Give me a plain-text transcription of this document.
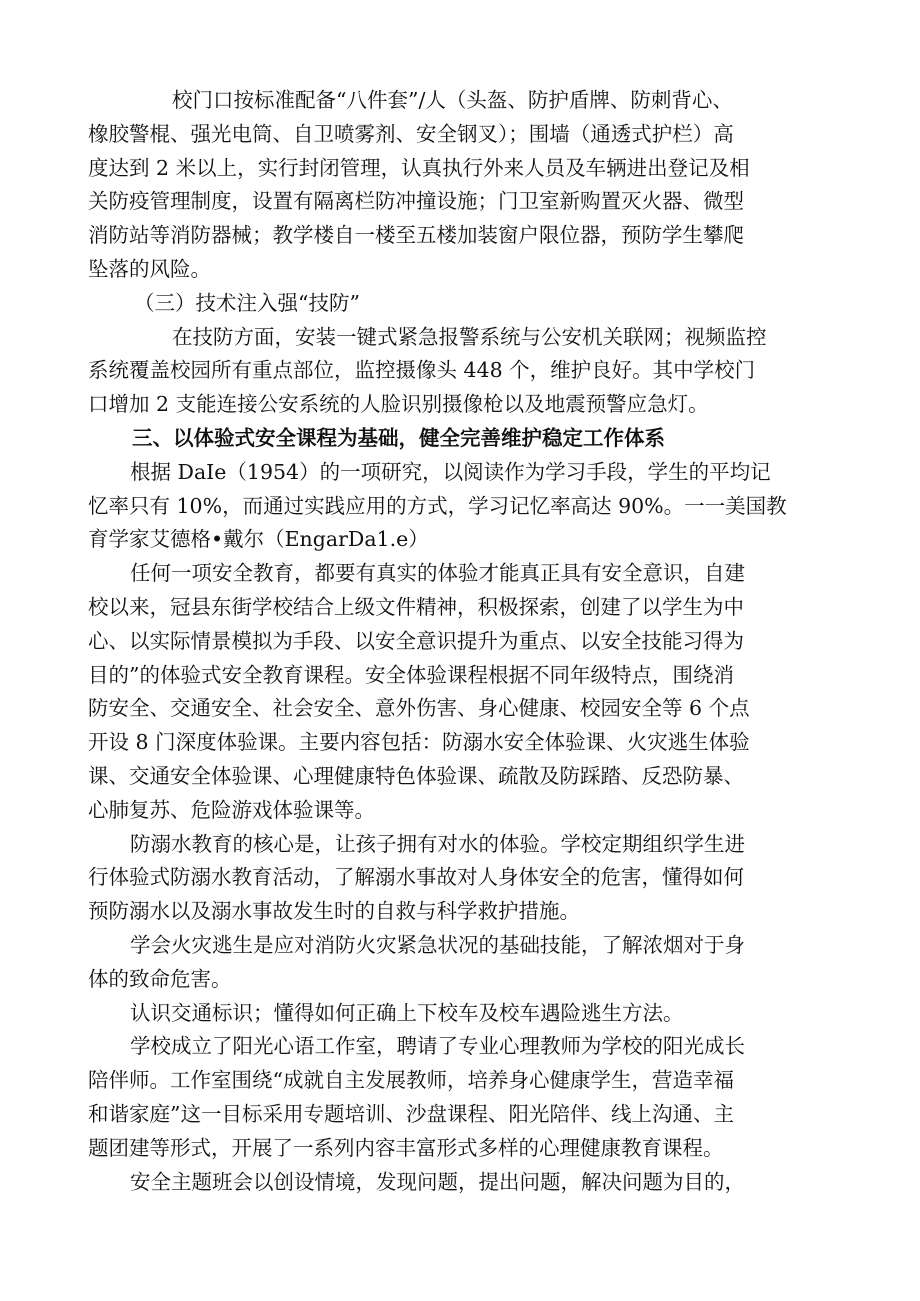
校门口按标准配备“八件套”/人（头盔、防护盾牌、防刺背心、
橡胶警棍、强光电筒、自卫喷雾剂、安全钢叉）；围墙（通透式护栏）高
度达到 2 米以上，实行封闭管理，认真执行外来人员及车辆进出登记及相
关防疫管理制度，设置有隔离栏防冲撞设施；门卫室新购置灭火器、微型
消防站等消防器械；教学楼自一楼至五楼加装窗户限位器，预防学生攀爬
坠落的风险。
（三）技术注入强“技防”
在技防方面，安装一键式紧急报警系统与公安机关联网；视频监控
系统覆盖校园所有重点部位，监控摄像头 448 个，维护良好。其中学校门
口增加 2 支能连接公安系统的人脸识别摄像枪以及地震预警应急灯。
三、以体验式安全课程为基础，健全完善维护稳定工作体系
根据 DaIe（1954）的一项研究，以阅读作为学习手段，学生的平均记
忆率只有 10%，而通过实践应用的方式，学习记忆率高达 90%。一一美国教
育学家艾德格•戴尔（EngarDa1.e）
任何一项安全教育，都要有真实的体验才能真正具有安全意识，自建
校以来，冠县东街学校结合上级文件精神，积极探索，创建了以学生为中
心、以实际情景模拟为手段、以安全意识提升为重点、以安全技能习得为
目的”的体验式安全教育课程。安全体验课程根据不同年级特点，围绕消
防安全、交通安全、社会安全、意外伤害、身心健康、校园安全等 6 个点
开设 8 门深度体验课。主要内容包括：防溺水安全体验课、火灾逃生体验
课、交通安全体验课、心理健康特色体验课、疏散及防踩踏、反恐防暴、
心肺复苏、危险游戏体验课等。
防溺水教育的核心是，让孩子拥有对水的体验。学校定期组织学生进
行体验式防溺水教育活动，了解溺水事故对人身体安全的危害，懂得如何
预防溺水以及溺水事故发生时的自救与科学救护措施。
学会火灾逃生是应对消防火灾紧急状况的基础技能，了解浓烟对于身
体的致命危害。
认识交通标识；懂得如何正确上下校车及校车遇险逃生方法。
学校成立了阳光心语工作室，聘请了专业心理教师为学校的阳光成长
陪伴师。工作室围绕“成就自主发展教师，培养身心健康学生，营造幸福
和谐家庭”这一目标采用专题培训、沙盘课程、阳光陪伴、线上沟通、主
题团建等形式，开展了一系列内容丰富形式多样的心理健康教育课程。
安全主题班会以创设情境，发现问题，提出问题，解决问题为目的，
